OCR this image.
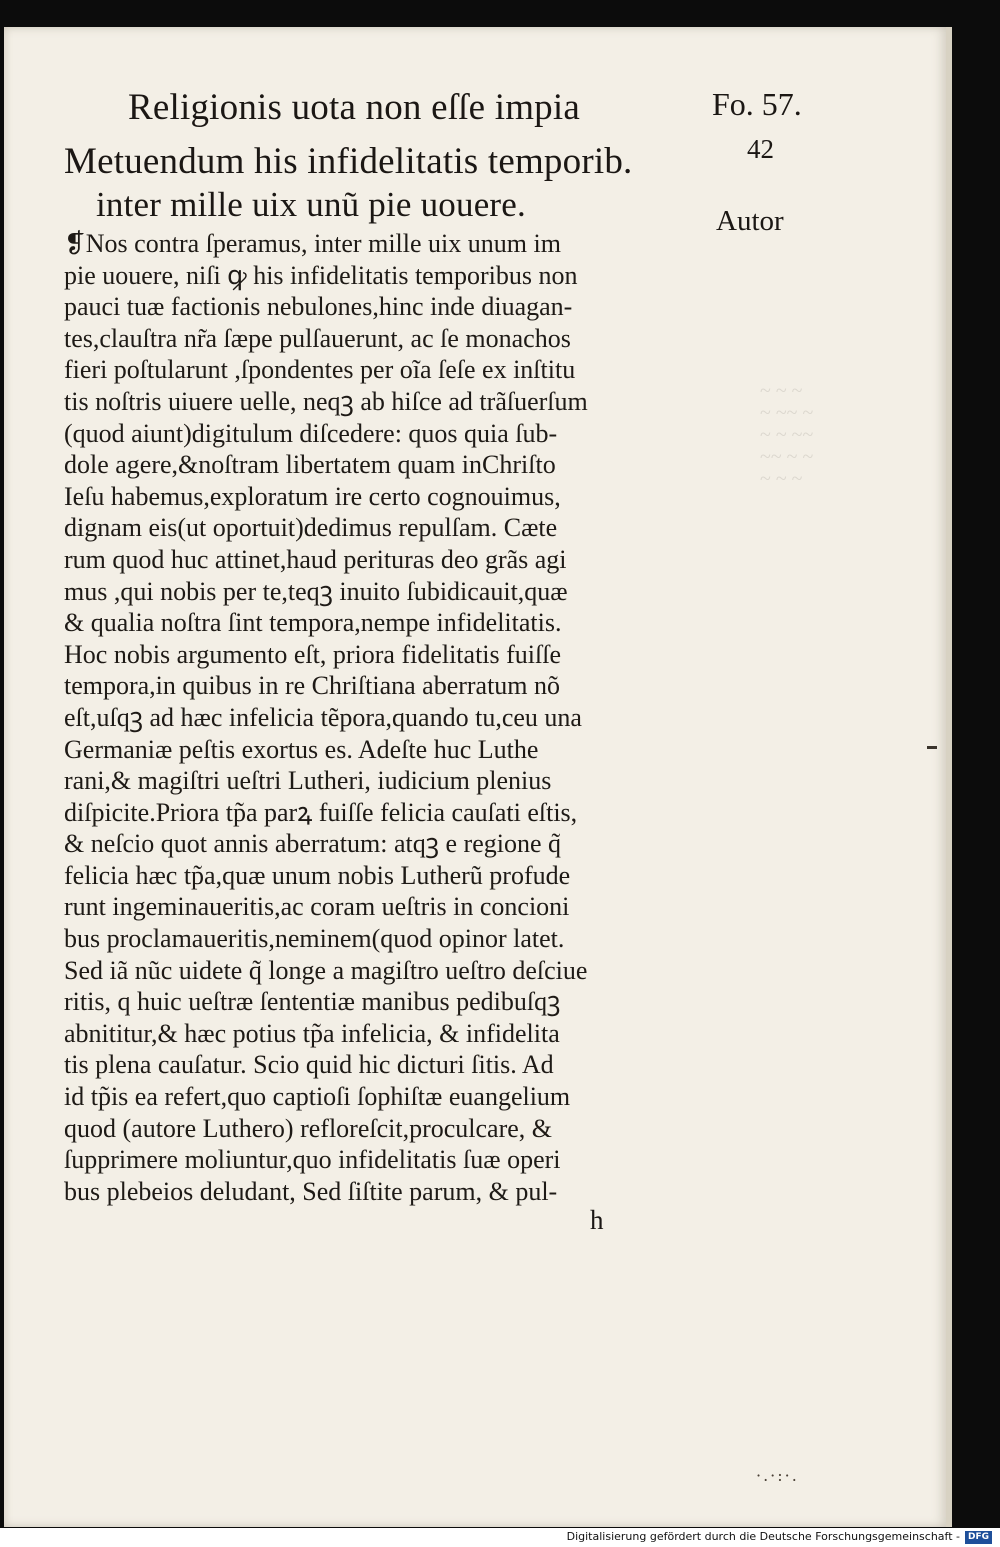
Religionis uota non eſſe impia
Metuendum his infidelitatis temporib.
inter mille uix unũ pie uouere.
Fo. 57.
42
Autor
~ ~ ~
~ ~~ ~
~ ~ ~~
~~ ~ ~
~ ~ ~
❡Nos contra ſperamus, inter mille uix unum im
pie uouere, niſi ꝙ his infidelitatis temporibus non
pauci tuæ factionis nebulones,hinc inde diuagan-
tes,clauſtra nr̃a ſæpe pulſauerunt, ac ſe monachos
fieri poſtularunt ,ſpondentes per oĩa ſeſe ex inſtitu
tis noſtris uiuere uelle, neqꝫ ab hiſce ad trãſuerſum
(quod aiunt)digitulum diſcedere: quos quia ſub-
dole agere,&noſtram libertatem quam inChriſto
Ieſu habemus,exploratum ire certo cognouimus,
dignam eis(ut oportuit)dedimus repulſam. Cæte
rum quod huc attinet,haud perituras deo grãs agi
mus ,qui nobis per te,teqꝫ inuito ſubidicauit,quæ
& qualia noſtra ſint tempora,nempe infidelitatis.
Hoc nobis argumento eſt, priora fidelitatis fuiſſe
tempora,in quibus in re Chriſtiana aberratum nõ
eſt,uſqꝫ ad hæc infelicia tẽpora,quando tu,ceu una
Germaniæ peſtis exortus es. Adeſte huc Luthe
rani,& magiſtri ueſtri Lutheri, iudicium plenius
diſpicite.Priora tp̃a parꝝ fuiſſe felicia cauſati eſtis,
& neſcio quot annis aberratum: atqꝫ e regione q̃
felicia hæc tp̃a,quæ unum nobis Lutherũ profude
runt ingeminaueritis,ac coram ueſtris in concioni
bus proclamaueritis,neminem(quod opinor latet.
Sed iã nũc uidete q̃ longe a magiſtro ueſtro deſciue
ritis, q huic ueſtræ ſententiæ manibus pedibuſqꝫ
abnititur,& hæc potius tp̃a infelicia, & infidelita
tis plena cauſatur. Scio quid hic dicturi ſitis. Ad
id tp̃is ea refert,quo captioſi ſophiſtæ euangelium
quod (autore Luthero) refloreſcit,proculcare, &
ſupprimere moliuntur,quo infidelitatis ſuæ operi
bus plebeios deludant, Sed ſiſtite parum, & pul-
h
·.·:·.
Digitalisierung gefördert durch die Deutsche Forschungsgemeinschaft - DFG
